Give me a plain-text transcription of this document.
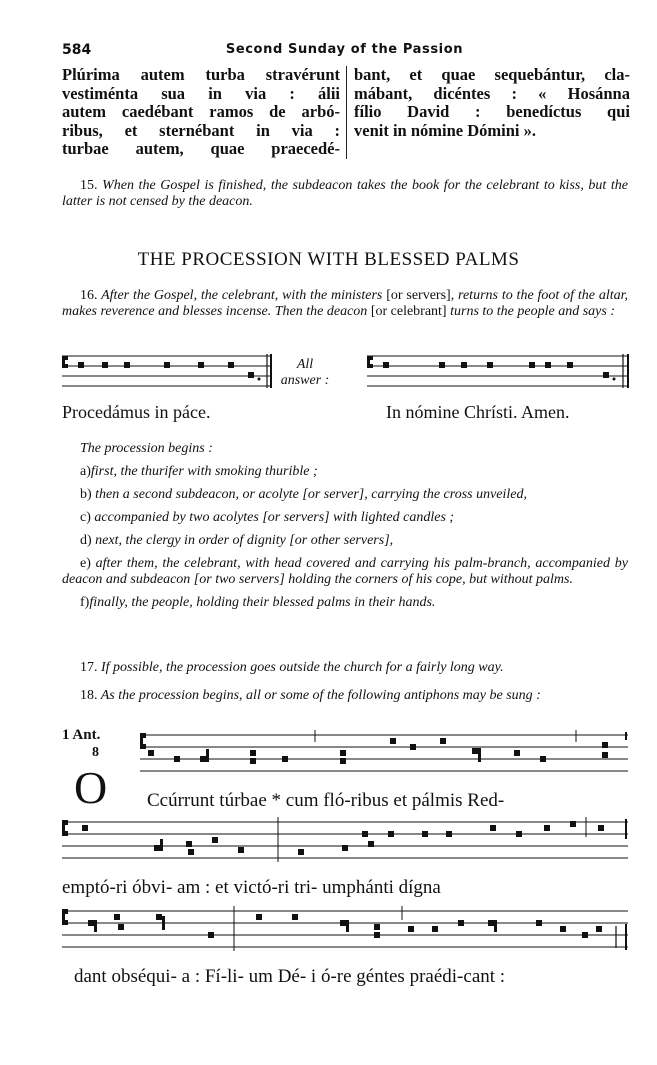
584	Second Sunday of the Passion
Plúrima autem turba stravérunt
vestiménta sua in via : álii
autem caedébant ramos de arbó-
ribus, et sternébant in via :
turbae autem, quae praecedé-
bant, et quae sequebántur, cla-
mábant, dicéntes : « Hosánna
fílio David : benedíctus qui
venit in nómine Dómini ».
15. When the Gospel is finished, the subdeacon takes the book for the celebrant to kiss, but the latter is not censed by the deacon.
THE PROCESSION WITH BLESSED PALMS
16. After the Gospel, the celebrant, with the ministers [or servers], returns to the foot of the altar, makes reverence and blesses incense. Then the deacon [or celebrant] turns to the people and says :
All
answer :
Procedámus in páce.	In nómine Chrísti. Amen.
The procession begins :
a)first, the thurifer with smoking thurible ;
b) then a second subdeacon, or acolyte [or server], carrying the cross unveiled,
c) accompanied by two acolytes [or servers] with lighted candles ;
d) next, the clergy in order of dignity [or other servers],
e) after them, the celebrant, with head covered and carrying his palm-branch, accompanied by deacon and subdeacon [or two servers] holding the corners of his cope, but without palms.
f)finally, the people, holding their blessed palms in their hands.
17. If possible, the procession goes outside the church for a fairly long way.
18. As the procession begins, all or some of the following antiphons may be sung :
1 Ant.
8
O Ccúrrunt túrbae * cum fló-ribus et pálmis Red-
emptó-ri óbvi- am : et victó-ri tri- umphánti dígna
dant obséqui- a : Fí-li- um Dé- i ó-re géntes praédi-cant :
